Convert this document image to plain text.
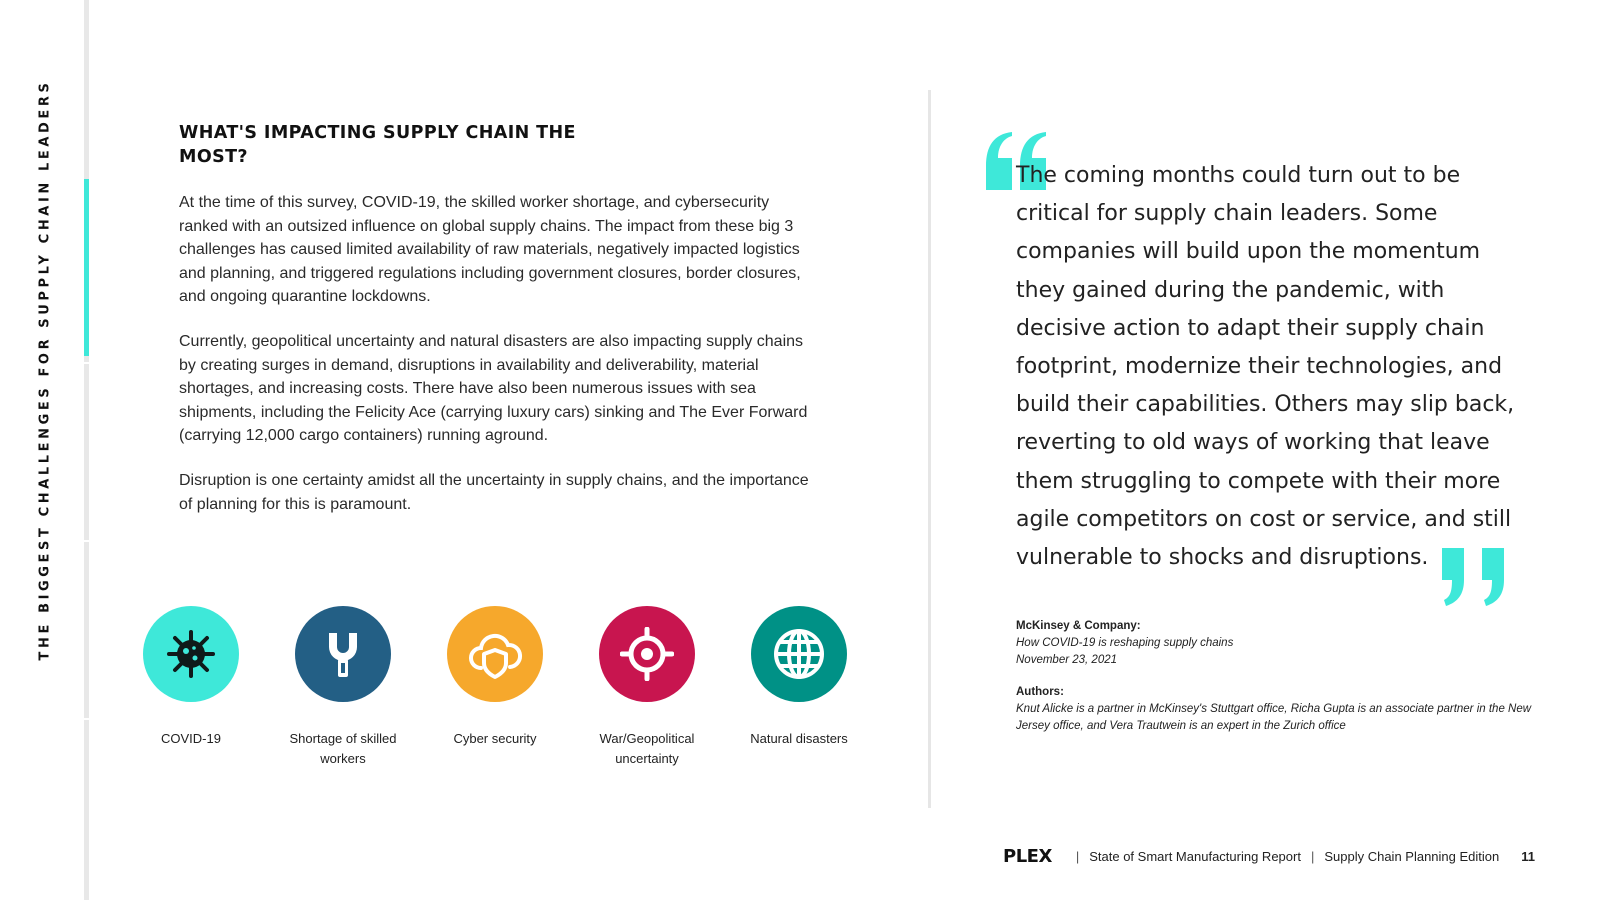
THE BIGGEST CHALLENGES FOR SUPPLY CHAIN LEADERS	WHAT'S IMPACTING SUPPLY CHAIN THE MOST?

At the time of this survey, COVID-19, the skilled worker shortage, and cybersecurity ranked with an outsized influence on global supply chains. The impact from these big 3 challenges has caused limited availability of raw materials, negatively impacted logistics and planning, and triggered regulations including government closures, border closures, and ongoing quarantine lockdowns.

Currently, geopolitical uncertainty and natural disasters are also impacting supply chains by creating surges in demand, disruptions in availability and deliverability, material shortages, and increasing costs. There have also been numerous issues with sea shipments, including the Felicity Ace (carrying luxury cars) sinking and The Ever Forward (carrying 12,000 cargo containers) running aground.

Disruption is one certainty amidst all the uncertainty in supply chains, and the importance of planning for this is paramount.

COVID-19	Shortage of skilled workers
Cyber security	War/Geopolitical uncertainty
Natural disasters

The coming months could turn out to be critical for supply chain leaders. Some companies will build upon the momentum they gained during the pandemic, with decisive action to adapt their supply chain footprint, modernize their technologies, and build their capabilities. Others may slip back, reverting to old ways of working that leave them struggling to compete with their more agile competitors on cost or service, and still vulnerable to shocks and disruptions.

McKinsey & Company:
How COVID-19 is reshaping supply chains
November 23, 2021
Authors:
Knut Alicke is a partner in McKinsey's Stuttgart office, Richa Gupta is an associate partner in the New Jersey office, and Vera Trautwein is an expert in the Zurich office
PLEX | State of Smart Manufacturing Report | Supply Chain Planning Edition 11
